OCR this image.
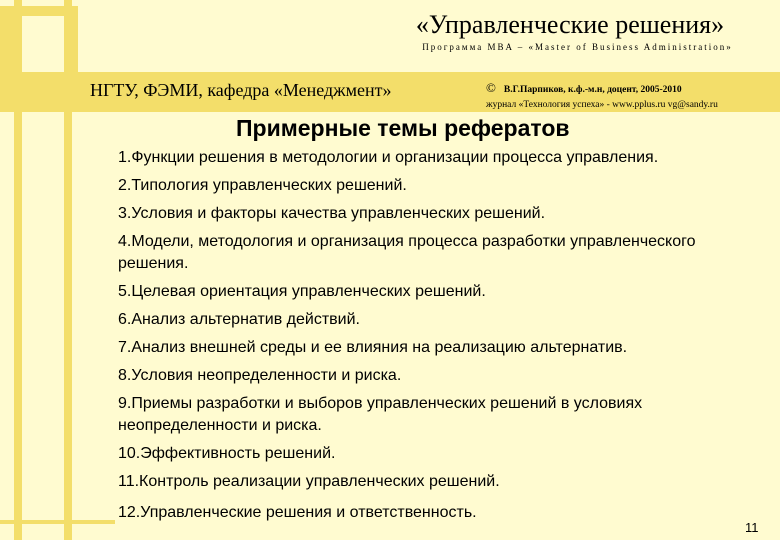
«Управленческие решения»
Программа MBA – «Master of Business Administration»
НГТУ, ФЭМИ, кафедра «Менеджмент»	© В.Г.Парпиков, к.ф.-м.н, доцент, 2005-2010
журнал «Технология успеха» - www.pplus.ru vg@sandy.ru
Примерные темы рефератов
1.Функции решения в методологии и организации процесса управления.
2.Типология управленческих решений.
3.Условия и факторы качества управленческих решений.
4.Модели, методология и организация процесса разработки управленческого решения.
5.Целевая ориентация управленческих решений.
6.Анализ альтернатив действий.
7.Анализ внешней среды и ее влияния на реализацию альтернатив.
8.Условия неопределенности и риска.
9.Приемы разработки и выборов управленческих решений в условиях неопределенности и риска.
10.Эффективность решений.
11.Контроль реализации управленческих решений.
12.Управленческие решения и ответственность.
11
